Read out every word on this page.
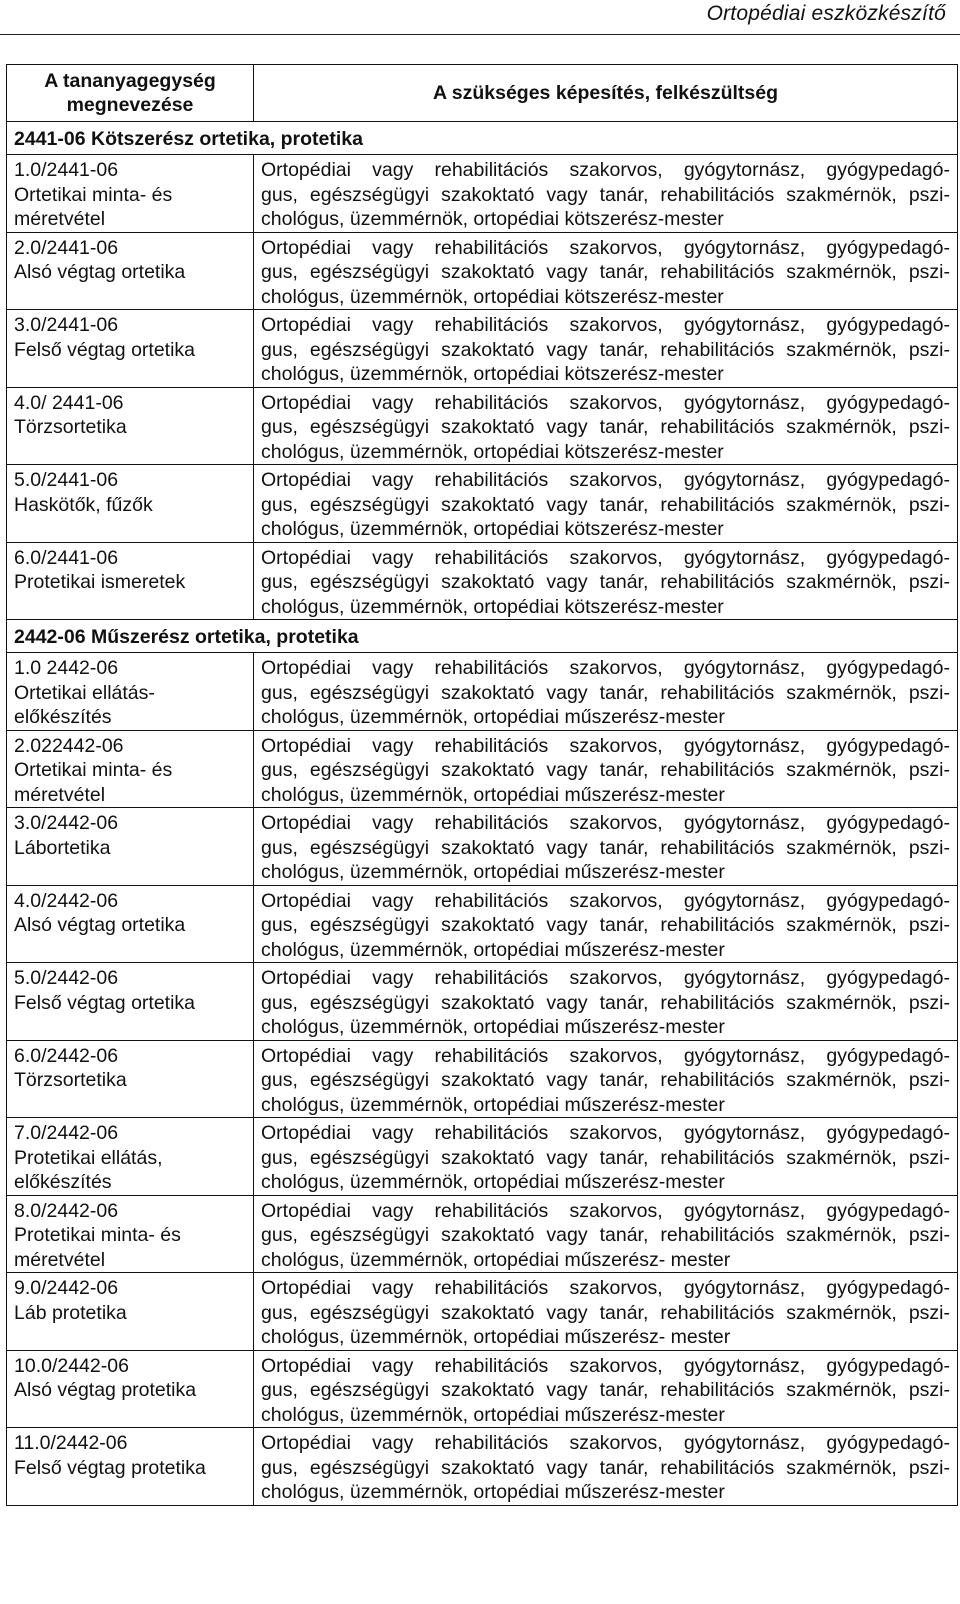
Ortopédiai eszközkészítő
A tananyagegység
megnevezése	A szükséges képesítés, felkészültség
2441-06 Kötszerész ortetika, protetika	

1.0/2441-06
Ortetikai minta- és
méretvétel	Ortopédiai vagy rehabilitációs szakorvos, gyógytornász, gyógypedagó-
gus, egészségügyi szakoktató vagy tanár, rehabilitációs szakmérnök, pszi-
chológus, üzemmérnök, ortopédiai kötszerész-mester

2.0/2441-06
Alsó végtag ortetika	Ortopédiai vagy rehabilitációs szakorvos, gyógytornász, gyógypedagó-
gus, egészségügyi szakoktató vagy tanár, rehabilitációs szakmérnök, pszi-
chológus, üzemmérnök, ortopédiai kötszerész-mester

3.0/2441-06
Felső végtag ortetika	Ortopédiai vagy rehabilitációs szakorvos, gyógytornász, gyógypedagó-
gus, egészségügyi szakoktató vagy tanár, rehabilitációs szakmérnök, pszi-
chológus, üzemmérnök, ortopédiai kötszerész-mester

4.0/ 2441-06
Törzsortetika	Ortopédiai vagy rehabilitációs szakorvos, gyógytornász, gyógypedagó-
gus, egészségügyi szakoktató vagy tanár, rehabilitációs szakmérnök, pszi-
chológus, üzemmérnök, ortopédiai kötszerész-mester

5.0/2441-06
Haskötők, fűzők	Ortopédiai vagy rehabilitációs szakorvos, gyógytornász, gyógypedagó-
gus, egészségügyi szakoktató vagy tanár, rehabilitációs szakmérnök, pszi-
chológus, üzemmérnök, ortopédiai kötszerész-mester

6.0/2441-06
Protetikai ismeretek	Ortopédiai vagy rehabilitációs szakorvos, gyógytornász, gyógypedagó-
gus, egészségügyi szakoktató vagy tanár, rehabilitációs szakmérnök, pszi-
chológus, üzemmérnök, ortopédiai kötszerész-mester

2442-06 Műszerész ortetika, protetika	

1.0 2442-06
Ortetikai ellátás-
előkészítés	Ortopédiai vagy rehabilitációs szakorvos, gyógytornász, gyógypedagó-
gus, egészségügyi szakoktató vagy tanár, rehabilitációs szakmérnök, pszi-
chológus, üzemmérnök, ortopédiai műszerész-mester

2.022442-06
Ortetikai minta- és
méretvétel	Ortopédiai vagy rehabilitációs szakorvos, gyógytornász, gyógypedagó-
gus, egészségügyi szakoktató vagy tanár, rehabilitációs szakmérnök, pszi-
chológus, üzemmérnök, ortopédiai műszerész-mester

3.0/2442-06
Lábortetika	Ortopédiai vagy rehabilitációs szakorvos, gyógytornász, gyógypedagó-
gus, egészségügyi szakoktató vagy tanár, rehabilitációs szakmérnök, pszi-
chológus, üzemmérnök, ortopédiai műszerész-mester

4.0/2442-06
Alsó végtag ortetika	Ortopédiai vagy rehabilitációs szakorvos, gyógytornász, gyógypedagó-
gus, egészségügyi szakoktató vagy tanár, rehabilitációs szakmérnök, pszi-
chológus, üzemmérnök, ortopédiai műszerész-mester

5.0/2442-06
Felső végtag ortetika	Ortopédiai vagy rehabilitációs szakorvos, gyógytornász, gyógypedagó-
gus, egészségügyi szakoktató vagy tanár, rehabilitációs szakmérnök, pszi-
chológus, üzemmérnök, ortopédiai műszerész-mester

6.0/2442-06
Törzsortetika	Ortopédiai vagy rehabilitációs szakorvos, gyógytornász, gyógypedagó-
gus, egészségügyi szakoktató vagy tanár, rehabilitációs szakmérnök, pszi-
chológus, üzemmérnök, ortopédiai műszerész-mester

7.0/2442-06
Protetikai ellátás,
előkészítés	Ortopédiai vagy rehabilitációs szakorvos, gyógytornász, gyógypedagó-
gus, egészségügyi szakoktató vagy tanár, rehabilitációs szakmérnök, pszi-
chológus, üzemmérnök, ortopédiai műszerész-mester

8.0/2442-06
Protetikai minta- és
méretvétel	Ortopédiai vagy rehabilitációs szakorvos, gyógytornász, gyógypedagó-
gus, egészségügyi szakoktató vagy tanár, rehabilitációs szakmérnök, pszi-
chológus, üzemmérnök, ortopédiai műszerész- mester

9.0/2442-06
Láb protetika	Ortopédiai vagy rehabilitációs szakorvos, gyógytornász, gyógypedagó-
gus, egészségügyi szakoktató vagy tanár, rehabilitációs szakmérnök, pszi-
chológus, üzemmérnök, ortopédiai műszerész- mester

10.0/2442-06
Alsó végtag protetika	Ortopédiai vagy rehabilitációs szakorvos, gyógytornász, gyógypedagó-
gus, egészségügyi szakoktató vagy tanár, rehabilitációs szakmérnök, pszi-
chológus, üzemmérnök, ortopédiai műszerész-mester

11.0/2442-06
Felső végtag protetika	Ortopédiai vagy rehabilitációs szakorvos, gyógytornász, gyógypedagó-
gus, egészségügyi szakoktató vagy tanár, rehabilitációs szakmérnök, pszi-
chológus, üzemmérnök, ortopédiai műszerész-mester
